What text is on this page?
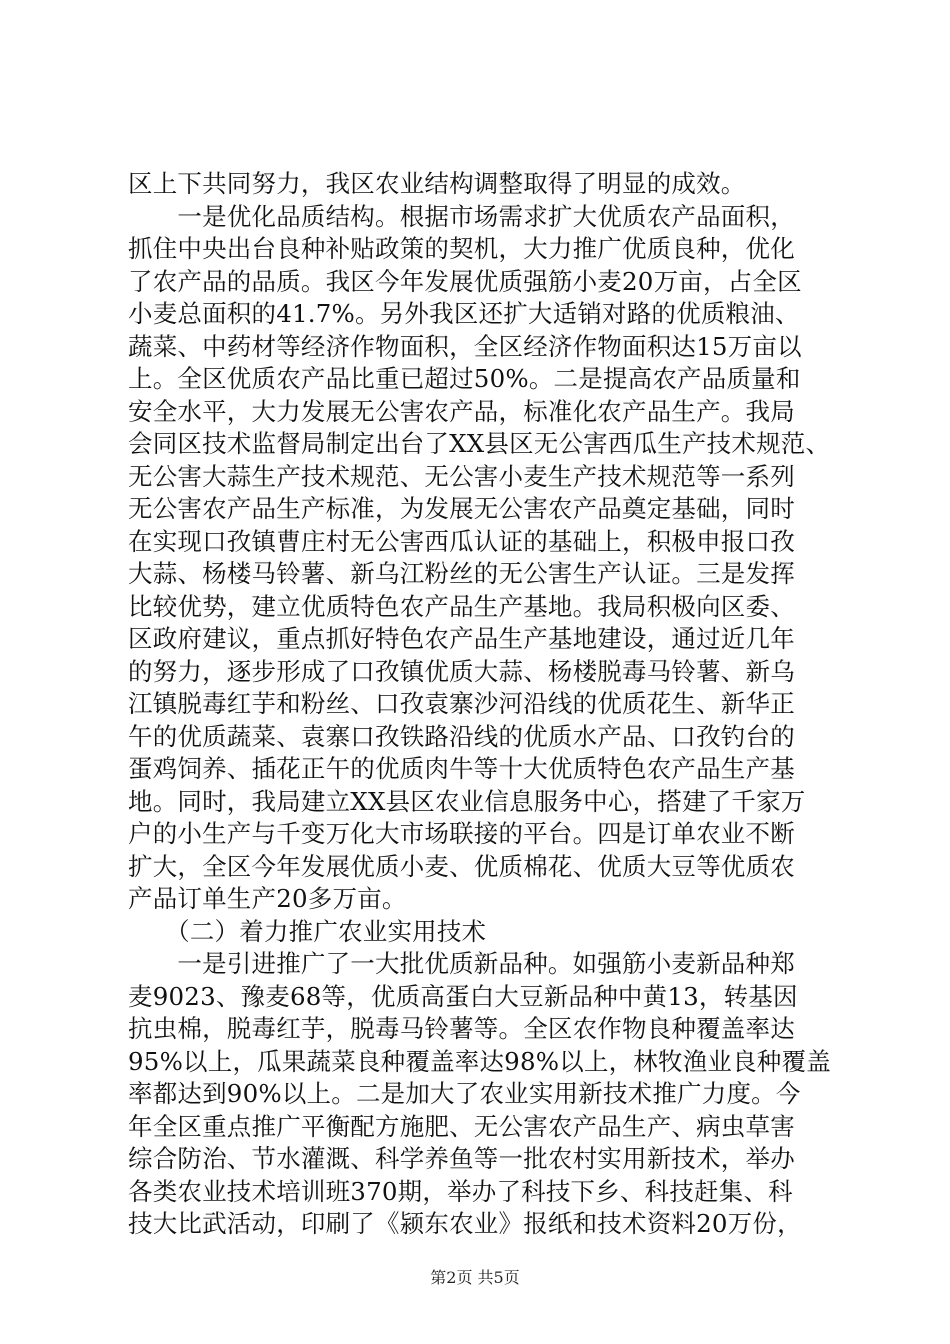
区上下共同努力，我区农业结构调整取得了明显的成效。
　　一是优化品质结构。根据市场需求扩大优质农产品面积，
抓住中央出台良种补贴政策的契机，大力推广优质良种，优化
了农产品的品质。我区今年发展优质强筋小麦20万亩，占全区
小麦总面积的41.7%。另外我区还扩大适销对路的优质粮油、
蔬菜、中药材等经济作物面积，全区经济作物面积达15万亩以
上。全区优质农产品比重已超过50%。二是提高农产品质量和
安全水平，大力发展无公害农产品，标准化农产品生产。我局
会同区技术监督局制定出台了XX县区无公害西瓜生产技术规范、
无公害大蒜生产技术规范、无公害小麦生产技术规范等一系列
无公害农产品生产标准，为发展无公害农产品奠定基础，同时
在实现口孜镇曹庄村无公害西瓜认证的基础上，积极申报口孜
大蒜、杨楼马铃薯、新乌江粉丝的无公害生产认证。三是发挥
比较优势，建立优质特色农产品生产基地。我局积极向区委、
区政府建议，重点抓好特色农产品生产基地建设，通过近几年
的努力，逐步形成了口孜镇优质大蒜、杨楼脱毒马铃薯、新乌
江镇脱毒红芋和粉丝、口孜袁寨沙河沿线的优质花生、新华正
午的优质蔬菜、袁寨口孜铁路沿线的优质水产品、口孜钓台的
蛋鸡饲养、插花正午的优质肉牛等十大优质特色农产品生产基
地。同时，我局建立XX县区农业信息服务中心，搭建了千家万
户的小生产与千变万化大市场联接的平台。四是订单农业不断
扩大，全区今年发展优质小麦、优质棉花、优质大豆等优质农
产品订单生产20多万亩。
　　（二）着力推广农业实用技术
　　一是引进推广了一大批优质新品种。如强筋小麦新品种郑
麦9023、豫麦68等，优质高蛋白大豆新品种中黄13，转基因
抗虫棉，脱毒红芋，脱毒马铃薯等。全区农作物良种覆盖率达
95%以上，瓜果蔬菜良种覆盖率达98%以上，林牧渔业良种覆盖
率都达到90%以上。二是加大了农业实用新技术推广力度。今
年全区重点推广平衡配方施肥、无公害农产品生产、病虫草害
综合防治、节水灌溉、科学养鱼等一批农村实用新技术，举办
各类农业技术培训班370期，举办了科技下乡、科技赶集、科
技大比武活动，印刷了《颍东农业》报纸和技术资料20万份，
第2页 共5页
